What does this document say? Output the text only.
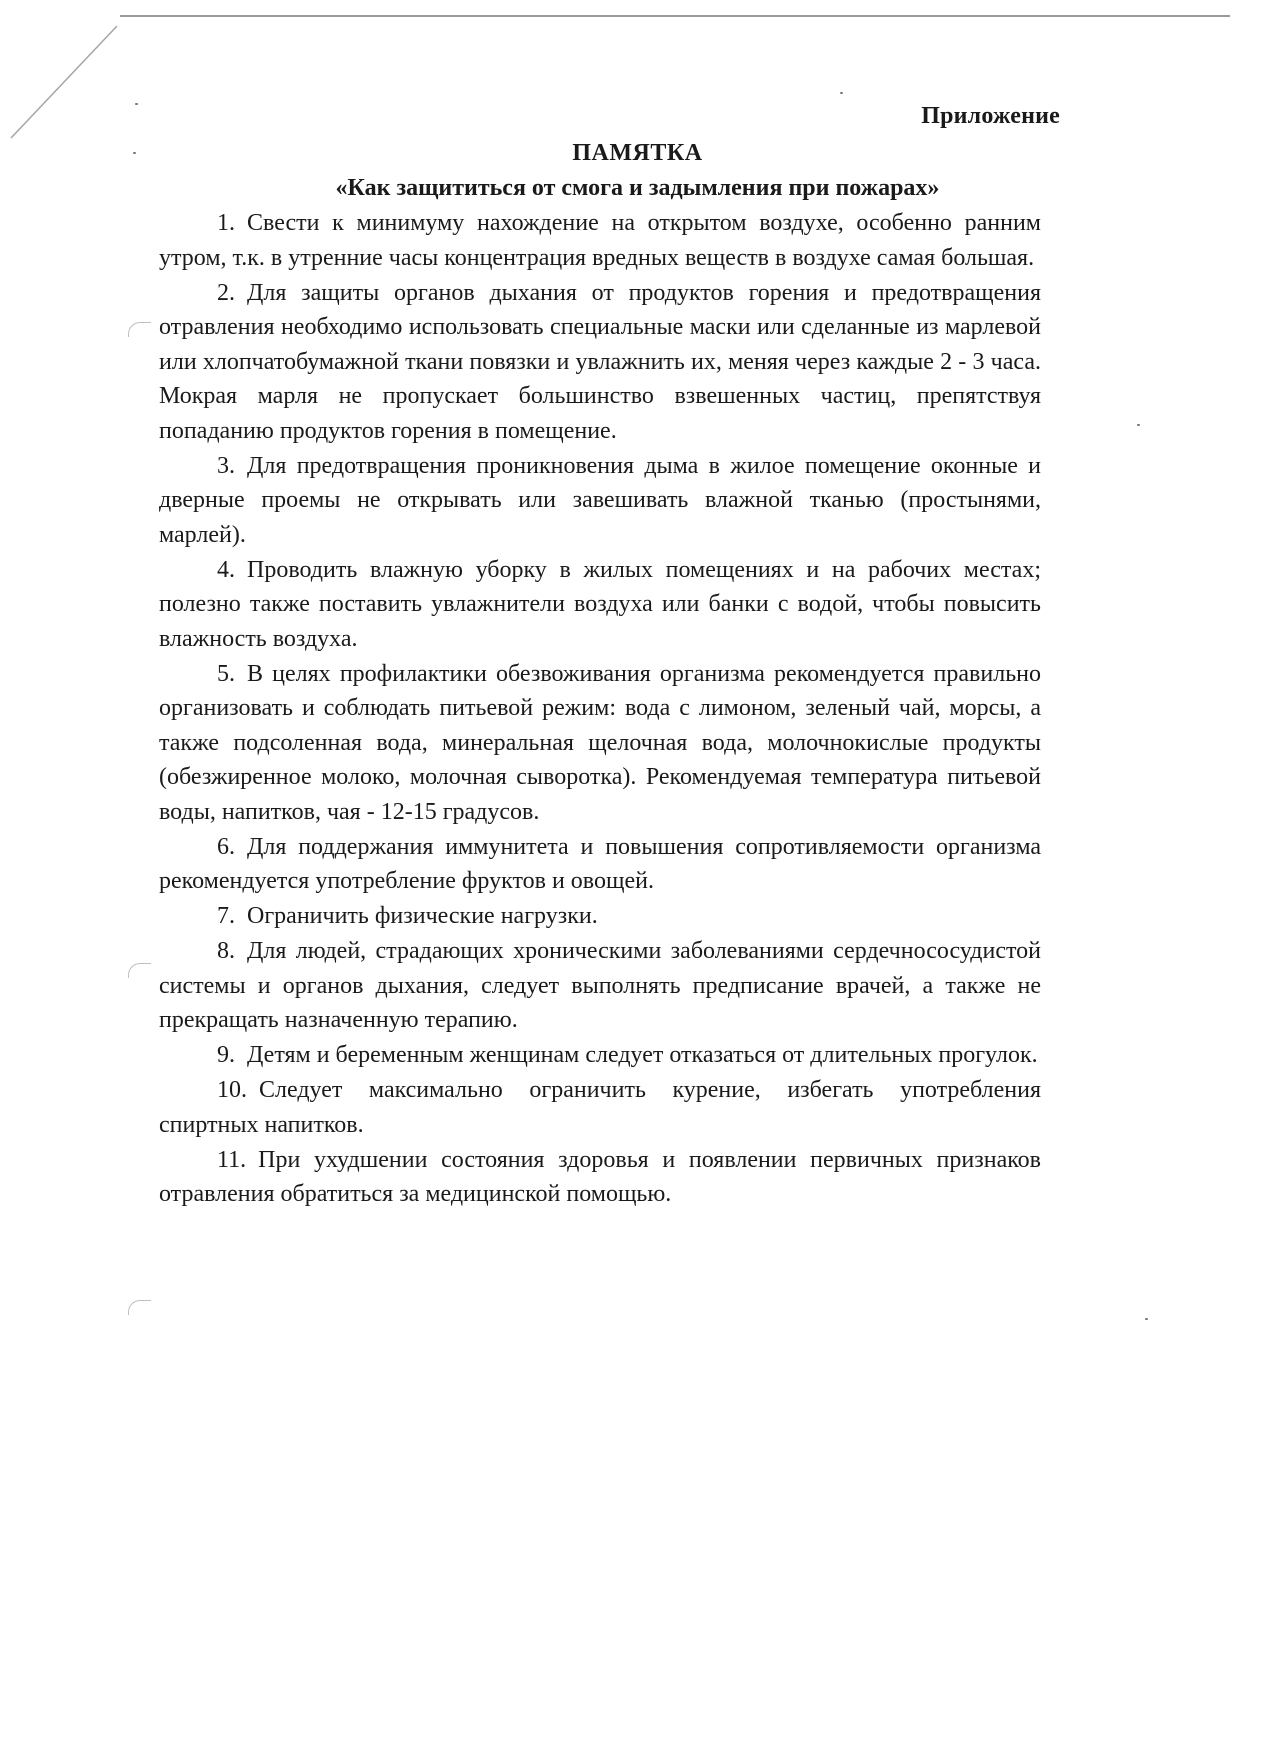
Приложение
ПАМЯТКА
«Как защититься от смога и задымления при пожарах»

1. Свести к минимуму нахождение на открытом воздухе, особенно ранним утром, т.к. в утренние часы концентрация вредных веществ в воздухе самая большая.

2. Для защиты органов дыхания от продуктов горения и предотвращения отравления необходимо использовать специальные маски или сделанные из марлевой или хлопчатобумажной ткани повязки и увлажнить их, меняя через каждые 2 - 3 часа. Мокрая марля не пропускает большинство взвешенных частиц, препятствуя попаданию продуктов горения в помещение.

3. Для предотвращения проникновения дыма в жилое помещение оконные и дверные проемы не открывать или завешивать влажной тканью (простынями, марлей).

4. Проводить влажную уборку в жилых помещениях и на рабочих местах; полезно также поставить увлажнители воздуха или банки с водой, чтобы повысить влажность воздуха.

5. В целях профилактики обезвоживания организма рекомендуется правильно организовать и соблюдать питьевой режим: вода с лимоном, зеленый чай, морсы, а также подсоленная вода, минеральная щелочная вода, молочнокислые продукты (обезжиренное молоко, молочная сыворотка). Рекомендуемая температура питьевой воды, напитков, чая - 12-15 градусов.

6. Для поддержания иммунитета и повышения сопротивляемости организма рекомендуется употребление фруктов и овощей.

7. Ограничить физические нагрузки.

8. Для людей, страдающих хроническими заболеваниями сердечнососудистой системы и органов дыхания, следует выполнять предписание врачей, а также не прекращать назначенную терапию.

9. Детям и беременным женщинам следует отказаться от длительных прогулок.

10. Следует максимально ограничить курение, избегать употребления спиртных напитков.

11. При ухудшении состояния здоровья и появлении первичных признаков отравления обратиться за медицинской помощью.
